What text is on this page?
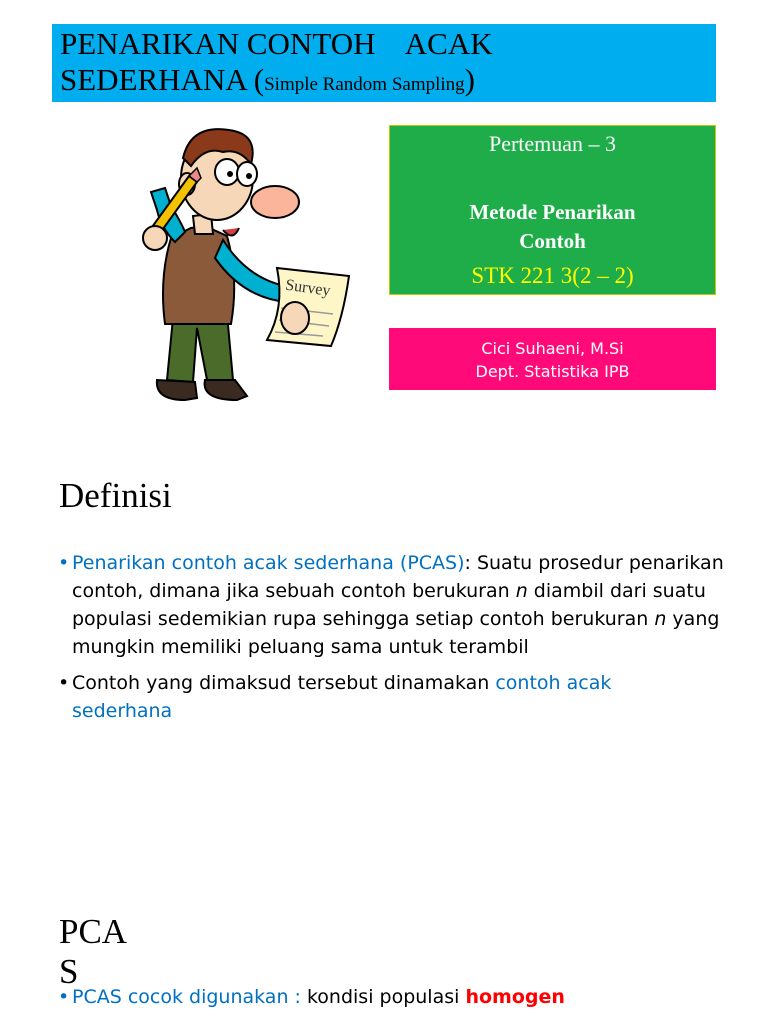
PENARIKAN CONTOH    ACAK
SEDERHANA (Simple Random Sampling)
Survey
Pertemuan – 3
Metode Penarikan
Contoh
STK 221 3(2 – 2)
Cici Suhaeni, M.Si
Dept. Statistika IPB
Definisi
• Penarikan contoh acak sederhana (PCAS): Suatu prosedur penarikan contoh, dimana jika sebuah contoh berukuran n diambil dari suatu populasi sedemikian rupa sehingga setiap contoh berukuran n yang mungkin memiliki peluang sama untuk terambil
• Contoh yang dimaksud tersebut dinamakan contoh acak sederhana
PCAS
• PCAS cocok digunakan : kondisi populasi homogen
